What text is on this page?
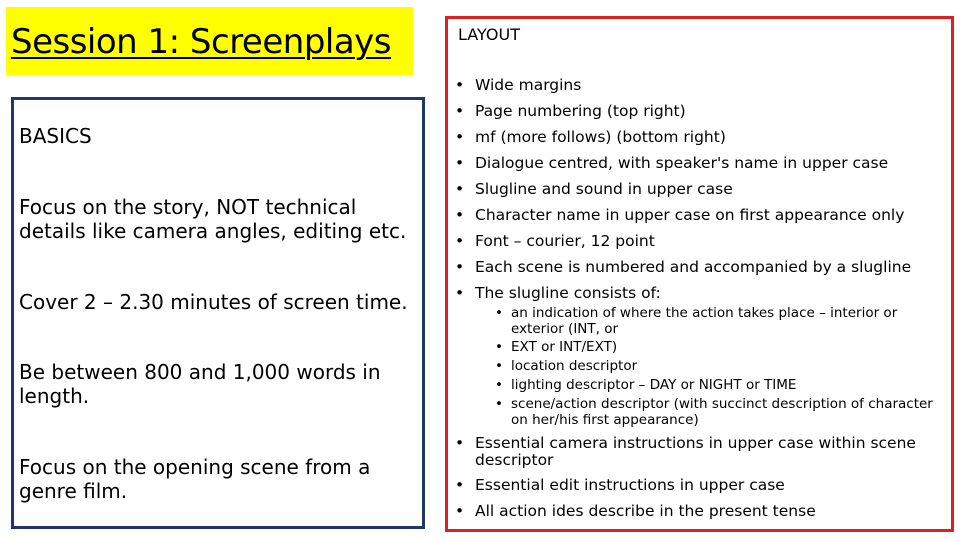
Session 1: Screenplays
BASICS
Focus on the story, NOT technical details like camera angles, editing etc.
Cover 2 – 2.30 minutes of screen time.
Be between 800 and 1,000 words in length.
Focus on the opening scene from a genre film.
LAYOUT
• Wide margins
• Page numbering (top right)
• mf (more follows) (bottom right)
• Dialogue centred, with speaker's name in upper case
• Slugline and sound in upper case
• Character name in upper case on first appearance only
• Font – courier, 12 point
• Each scene is numbered and accompanied by a slugline
• The slugline consists of:
• an indication of where the action takes place – interior or exterior (INT, or
• EXT or INT/EXT)
• location descriptor
• lighting descriptor – DAY or NIGHT or TIME
• scene/action descriptor (with succinct description of character on her/his first appearance)
• Essential camera instructions in upper case within scene descriptor
• Essential edit instructions in upper case
• All action ides describe in the present tense
